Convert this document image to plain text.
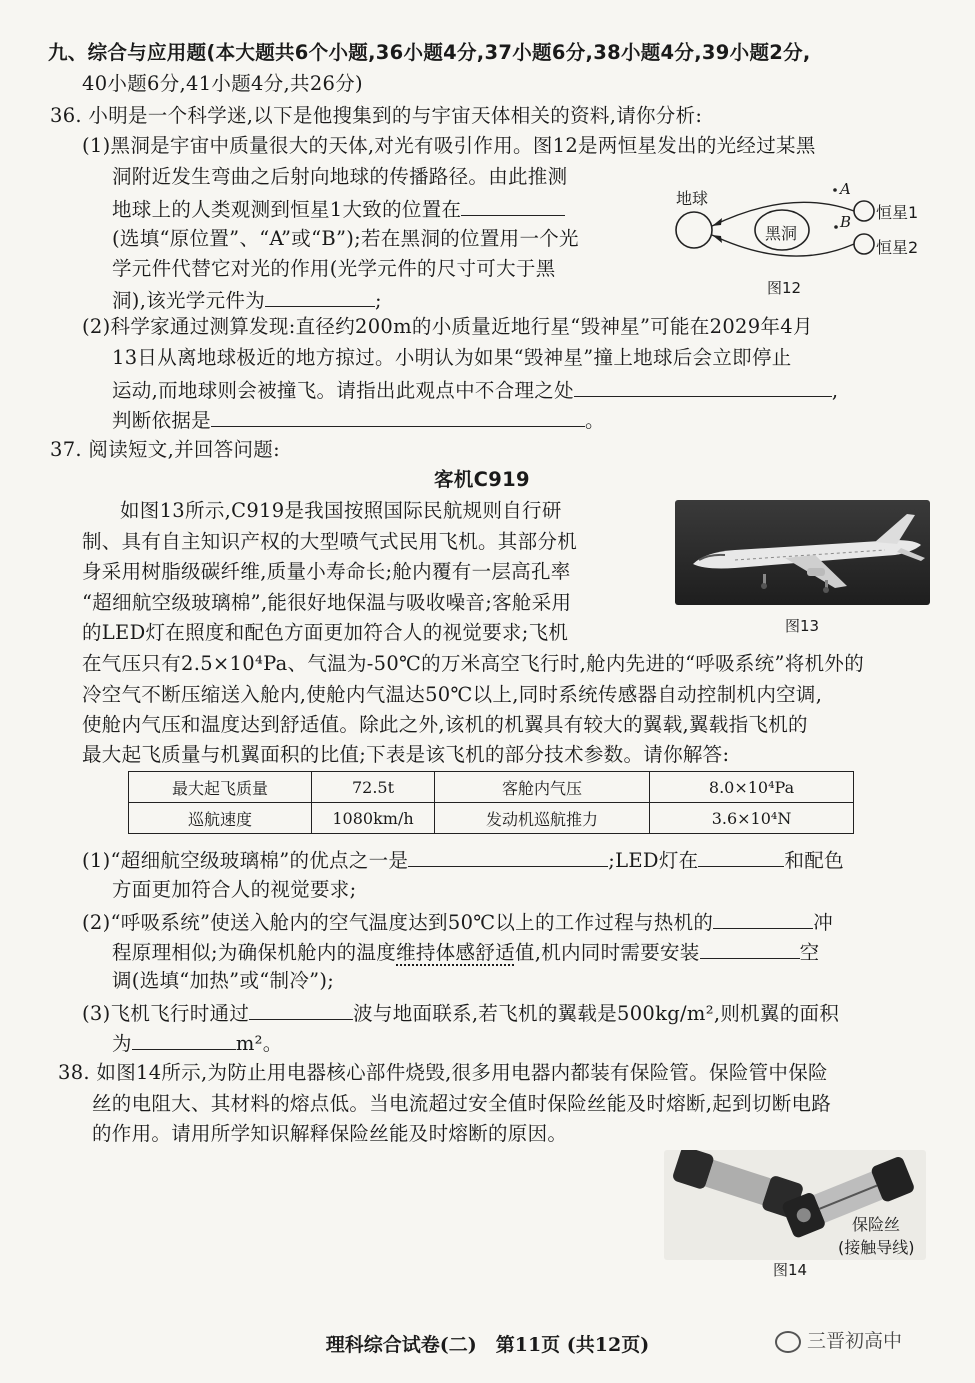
九、综合与应用题(本大题共6个小题,36小题4分,37小题6分,38小题4分,39小题2分,
40小题6分,41小题4分,共26分)
36. 小明是一个科学迷,以下是他搜集到的与宇宙天体相关的资料,请你分析:
(1)黑洞是宇宙中质量很大的天体,对光有吸引作用。图12是两恒星发出的光经过某黑
洞附近发生弯曲之后射向地球的传播路径。由此推测
地球上的人类观测到恒星1大致的位置在
(选填“原位置”、“A”或“B”);若在黑洞的位置用一个光
学元件代替它对光的作用(光学元件的尺寸可大于黑
洞),该光学元件为	;
地球
黑洞
A
B 恒星1
恒星2
图12
(2)科学家通过测算发现:直径约200m的小质量近地行星“毁神星”可能在2029年4月
13日从离地球极近的地方掠过。小明认为如果“毁神星”撞上地球后会立即停止
运动,而地球则会被撞飞。请指出此观点中不合理之处	,
判断依据是	。
37. 阅读短文,并回答问题:
客机C919
如图13所示,C919是我国按照国际民航规则自行研
制、具有自主知识产权的大型喷气式民用飞机。其部分机
身采用树脂级碳纤维,质量小寿命长;舱内覆有一层高孔率
“超细航空级玻璃棉”,能很好地保温与吸收噪音;客舱采用
的LED灯在照度和配色方面更加符合人的视觉要求;飞机
在气压只有2.5×10⁴Pa、气温为-50℃的万米高空飞行时,舱内先进的“呼吸系统”将机外的
冷空气不断压缩送入舱内,使舱内气温达50℃以上,同时系统传感器自动控制机内空调,
使舱内气压和温度达到舒适值。除此之外,该机的机翼具有较大的翼载,翼载指飞机的
最大起飞质量与机翼面积的比值;下表是该飞机的部分技术参数。请你解答:
图13
最大起飞质量	72.5t	客舱内气压	8.0×10⁴Pa
巡航速度	1080km/h	发动机巡航推力	3.6×10⁴N
(1)“超细航空级玻璃棉”的优点之一是	;LED灯在	和配色
方面更加符合人的视觉要求;
(2)“呼吸系统”使送入舱内的空气温度达到50℃以上的工作过程与热机的	冲
程原理相似;为确保机舱内的温度维持体感舒适值,机内同时需要安装	空
调(选填“加热”或“制冷”);
(3)飞机飞行时通过	波与地面联系,若飞机的翼载是500kg/m²,则机翼的面积
为	m²。
38. 如图14所示,为防止用电器核心部件烧毁,很多用电器内都装有保险管。保险管中保险
丝的电阻大、其材料的熔点低。当电流超过安全值时保险丝能及时熔断,起到切断电路
的作用。请用所学知识解释保险丝能及时熔断的原因。
保险丝
(接触导线)
图14
理科综合试卷(二)　第11页 (共12页)	三晋初高中
